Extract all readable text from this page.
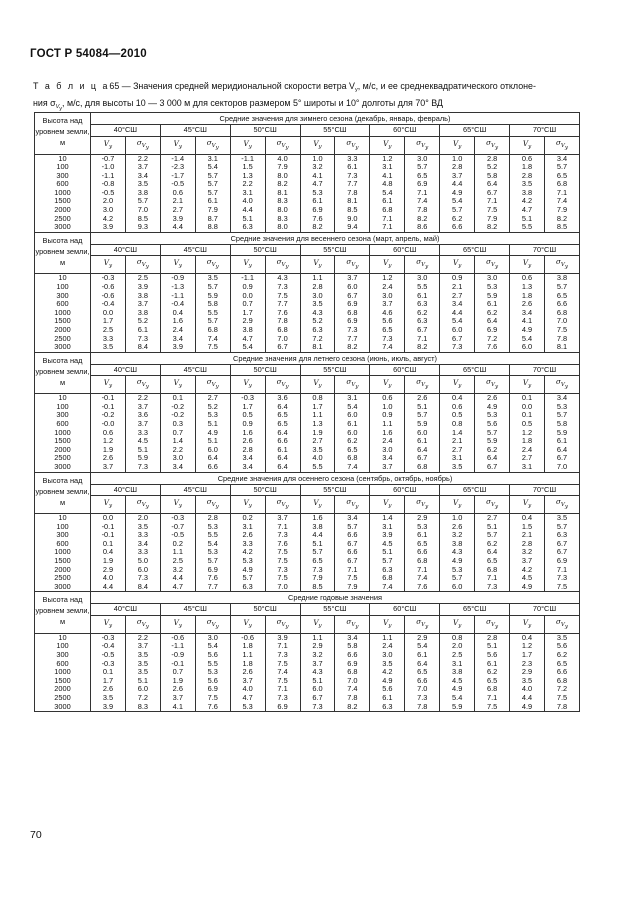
ГОСТ Р 54084—2010
Т а б л и ц а65 — Значения средней меридиональной скорости ветра $V_y$, м/с, и ее среднеквадратического отклоне-
ния $\sigma_{V_y}$, м/с, для высоты 10 — 3 000 м для секторов размером 5° широты и 10° долготы для 70° ВД
Высота над уровнем земли, м	Средние значения для зимнего сезона (декабрь, январь, февраль)													
	40°СШ		45°СШ		50°СШ		55°СШ		60°СШ		65°СШ		70°СШ	
	$V_y$	$\sigma_{V_y}$	$V_y$	$\sigma_{V_y}$	$V_y$	$\sigma_{V_y}$	$V_y$	$\sigma_{V_y}$	$V_y$	$\sigma_{V_y}$	$V_y$	$\sigma_{V_y}$	$V_y$	$\sigma_{V_y}$
10	-0.7	2.2	-1.4	3.1	-1.1	4.0	1.0	3.3	1.2	3.0	1.0	2.8	0.6	3.4
100	-1.0	3.7	-2.3	5.4	1.5	7.9	3.2	6.1	3.1	5.7	2.8	5.2	1.8	5.7
300	-1.1	3.4	-1.7	5.7	1.3	8.0	4.1	7.3	4.1	6.5	3.7	5.8	2.8	6.5
600	-0.8	3.5	-0.5	5.7	2.2	8.2	4.7	7.7	4.8	6.9	4.4	6.4	3.5	6.8
1000	-0.5	3.8	0.6	5.7	3.1	8.1	5.3	7.8	5.4	7.1	4.9	6.7	3.8	7.1
1500	2.0	5.7	2.1	6.1	4.0	8.3	6.1	8.1	6.1	7.4	5.4	7.1	4.2	7.4
2000	3.0	7.0	2.7	7.9	4.4	8.0	6.9	8.5	6.8	7.8	5.7	7.5	4.7	7.9
2500	4.2	8.5	3.9	8.7	5.1	8.3	7.6	9.0	7.1	8.2	6.2	7.9	5.1	8.2
3000	3.9	9.3	4.4	8.8	6.3	8.0	8.2	9.4	7.1	8.6	6.6	8.2	5.5	8.5
Высота над уровнем земли, м	Средние значения для весеннего сезона (март, апрель, май)													
	40°СШ		45°СШ		50°СШ		55°СШ		60°СШ		65°СШ		70°СШ	
	$V_y$	$\sigma_{V_y}$	$V_y$	$\sigma_{V_y}$	$V_y$	$\sigma_{V_y}$	$V_y$	$\sigma_{V_y}$	$V_y$	$\sigma_{V_y}$	$V_y$	$\sigma_{V_y}$	$V_y$	$\sigma_{V_y}$
10	-0.3	2.5	-0.9	3.5	-1.1	4.3	1.1	3.7	1.2	3.0	0.9	3.0	0.6	3.8
100	-0.6	3.9	-1.3	5.7	0.9	7.3	2.8	6.0	2.4	5.5	2.1	5.3	1.3	5.7
300	-0.6	3.8	-1.1	5.9	0.0	7.5	3.0	6.7	3.0	6.1	2.7	5.9	1.8	6.5
600	-0.4	3.7	-0.4	5.8	0.7	7.7	3.5	6.9	3.7	6.3	3.4	6.1	2.6	6.6
1000	0.0	3.8	0.4	5.5	1.7	7.6	4.3	6.8	4.6	6.2	4.4	6.2	3.4	6.8
1500	1.7	5.2	1.6	5.7	2.9	7.8	5.2	6.9	5.6	6.3	5.4	6.4	4.1	7.0
2000	2.5	6.1	2.4	6.8	3.8	6.8	6.3	7.3	6.5	6.7	6.0	6.9	4.9	7.5
2500	3.3	7.3	3.4	7.4	4.7	7.0	7.2	7.7	7.3	7.1	6.7	7.2	5.4	7.8
3000	3.5	8.4	3.9	7.5	5.4	6.7	8.1	8.2	7.4	8.2	7.3	7.6	6.0	8.1
Высота над уровнем земли, м	Средние значения для летнего сезона (июнь, июль, август)													
	40°СШ		45°СШ		50°СШ		55°СШ		60°СШ		65°СШ		70°СШ	
	$V_y$	$\sigma_{V_y}$	$V_y$	$\sigma_{V_y}$	$V_y$	$\sigma_{V_y}$	$V_y$	$\sigma_{V_y}$	$V_y$	$\sigma_{V_y}$	$V_y$	$\sigma_{V_y}$	$V_y$	$\sigma_{V_y}$
10	-0.1	2.2	0.1	2.7	-0.3	3.6	0.8	3.1	0.6	2.6	0.4	2.6	0.1	3.4
100	-0.1	3.7	-0.2	5.2	1.7	6.4	1.7	5.4	1.0	5.1	0.6	4.9	0.0	5.3
300	-0.2	3.6	-0.2	5.3	0.5	6.5	1.1	6.0	0.9	5.7	0.5	5.3	0.1	5.7
600	-0.0	3.7	0.3	5.1	0.9	6.5	1.3	6.1	1.1	5.9	0.8	5.6	0.5	5.8
1000	0.6	3.3	0.7	4.9	1.6	6.4	1.9	6.0	1.6	6.0	1.4	5.7	1.2	5.9
1500	1.2	4.5	1.4	5.1	2.6	6.6	2.7	6.2	2.4	6.1	2.1	5.9	1.8	6.1
2000	1.9	5.1	2.2	6.0	2.8	6.1	3.5	6.5	3.0	6.4	2.7	6.2	2.4	6.4
2500	2.6	5.9	3.0	6.4	3.4	6.4	4.0	6.8	3.4	6.7	3.1	6.4	2.7	6.7
3000	3.7	7.3	3.4	6.6	3.4	6.4	5.5	7.4	3.7	6.8	3.5	6.7	3.1	7.0
Высота над уровнем земли, м	Средние значения для осеннего сезона (сентябрь, октябрь, ноябрь)													
	40°СШ		45°СШ		50°СШ		55°СШ		60°СШ		65°СШ		70°СШ	
	$V_y$	$\sigma_{V_y}$	$V_y$	$\sigma_{V_y}$	$V_y$	$\sigma_{V_y}$	$V_y$	$\sigma_{V_y}$	$V_y$	$\sigma_{V_y}$	$V_y$	$\sigma_{V_y}$	$V_y$	$\sigma_{V_y}$
10	0.0	2.0	-0.3	2.8	0.2	3.7	1.6	3.4	1.4	2.9	1.0	2.7	0.4	3.5
100	-0.1	3.5	-0.7	5.3	3.1	7.1	3.8	5.7	3.1	5.3	2.6	5.1	1.5	5.7
300	-0.1	3.3	-0.5	5.5	2.6	7.3	4.4	6.6	3.9	6.1	3.2	5.7	2.1	6.3
600	0.1	3.4	0.2	5.4	3.3	7.6	5.1	6.7	4.5	6.5	3.8	6.2	2.8	6.7
1000	0.4	3.3	1.1	5.3	4.2	7.5	5.7	6.6	5.1	6.6	4.3	6.4	3.2	6.7
1500	1.9	5.0	2.5	5.7	5.3	7.5	6.5	6.7	5.7	6.8	4.9	6.5	3.7	6.9
2000	2.9	6.0	3.2	6.9	4.9	7.3	7.3	7.1	6.3	7.1	5.3	6.8	4.2	7.1
2500	4.0	7.3	4.4	7.6	5.7	7.5	7.9	7.5	6.8	7.4	5.7	7.1	4.5	7.3
3000	4.4	8.4	4.7	7.7	6.3	7.0	8.5	7.9	7.4	7.6	6.0	7.3	4.9	7.5
Высота над уровнем земли, м	Средние годовые значения													
	40°СШ		45°СШ		50°СШ		55°СШ		60°СШ		65°СШ		70°СШ	
	$V_y$	$\sigma_{V_y}$	$V_y$	$\sigma_{V_y}$	$V_y$	$\sigma_{V_y}$	$V_y$	$\sigma_{V_y}$	$V_y$	$\sigma_{V_y}$	$V_y$	$\sigma_{V_y}$	$V_y$	$\sigma_{V_y}$
10	-0.3	2.2	-0.6	3.0	-0.6	3.9	1.1	3.4	1.1	2.9	0.8	2.8	0.4	3.5
100	-0.4	3.7	-1.1	5.4	1.8	7.1	2.9	5.8	2.4	5.4	2.0	5.1	1.2	5.6
300	-0.5	3.5	-0.9	5.6	1.1	7.3	3.2	6.6	3.0	6.1	2.5	5.6	1.7	6.2
600	-0.3	3.5	-0.1	5.5	1.8	7.5	3.7	6.9	3.5	6.4	3.1	6.1	2.3	6.5
1000	0.1	3.5	0.7	5.3	2.6	7.4	4.3	6.8	4.2	6.5	3.8	6.2	2.9	6.6
1500	1.7	5.1	1.9	5.6	3.7	7.5	5.1	7.0	4.9	6.6	4.5	6.5	3.5	6.8
2000	2.6	6.0	2.6	6.9	4.0	7.1	6.0	7.4	5.6	7.0	4.9	6.8	4.0	7.2
2500	3.5	7.2	3.7	7.5	4.7	7.3	6.7	7.8	6.1	7.3	5.4	7.1	4.4	7.5
3000	3.9	8.3	4.1	7.6	5.3	6.9	7.3	8.2	6.3	7.8	5.9	7.5	4.9	7.8
70
